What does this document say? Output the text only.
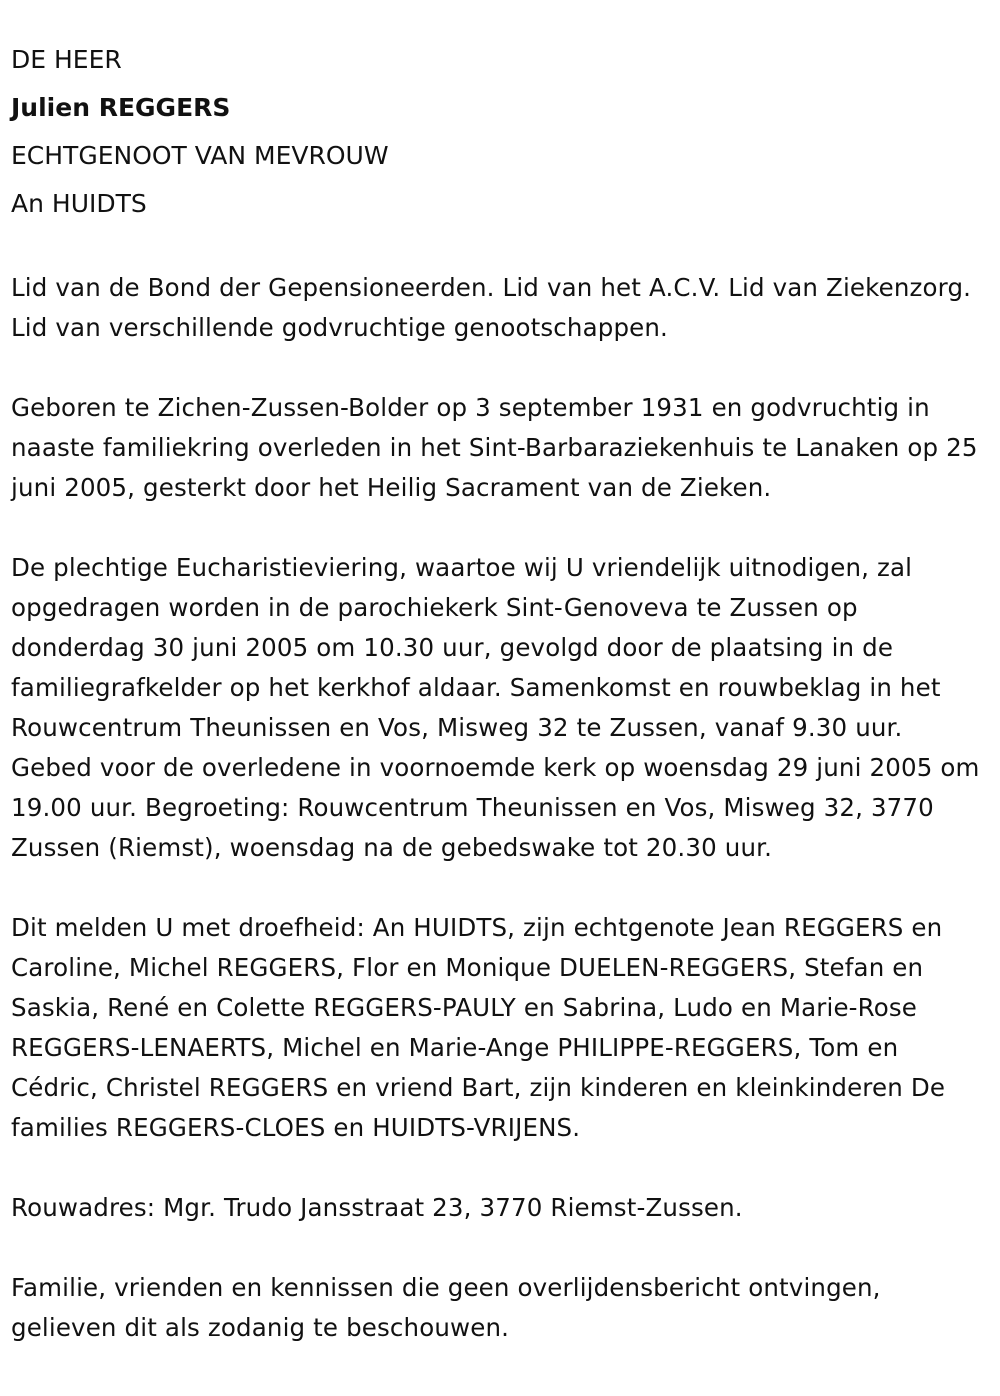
DE HEER
Julien REGGERS
ECHTGENOOT VAN MEVROUW
An HUIDTS

Lid van de Bond der Gepensioneerden. Lid van het A.C.V. Lid van Ziekenzorg. Lid van verschillende godvruchtige genootschappen.

Geboren te Zichen-Zussen-Bolder op 3 september 1931 en godvruchtig in naaste familiekring overleden in het Sint-Barbaraziekenhuis te Lanaken op 25 juni 2005, gesterkt door het Heilig Sacrament van de Zieken.

De plechtige Eucharistieviering, waartoe wij U vriendelijk uitnodigen, zal opgedragen worden in de parochiekerk Sint-Genoveva te Zussen op donderdag 30 juni 2005 om 10.30 uur, gevolgd door de plaatsing in de familiegrafkelder op het kerkhof aldaar. Samenkomst en rouwbeklag in het Rouwcentrum Theunissen en Vos, Misweg 32 te Zussen, vanaf 9.30 uur. Gebed voor de overledene in voornoemde kerk op woensdag 29 juni 2005 om 19.00 uur. Begroeting: Rouwcentrum Theunissen en Vos, Misweg 32, 3770 Zussen (Riemst), woensdag na de gebedswake tot 20.30 uur.

Dit melden U met droefheid: An HUIDTS, zijn echtgenote Jean REGGERS en Caroline, Michel REGGERS, Flor en Monique DUELEN-REGGERS, Stefan en Saskia, René en Colette REGGERS-PAULY en Sabrina, Ludo en Marie-Rose REGGERS-LENAERTS, Michel en Marie-Ange PHILIPPE-REGGERS, Tom en Cédric, Christel REGGERS en vriend Bart, zijn kinderen en kleinkinderen De families REGGERS-CLOES en HUIDTS-VRIJENS.

Rouwadres: Mgr. Trudo Jansstraat 23, 3770 Riemst-Zussen.

Familie, vrienden en kennissen die geen overlijdensbericht ontvingen, gelieven dit als zodanig te beschouwen.
